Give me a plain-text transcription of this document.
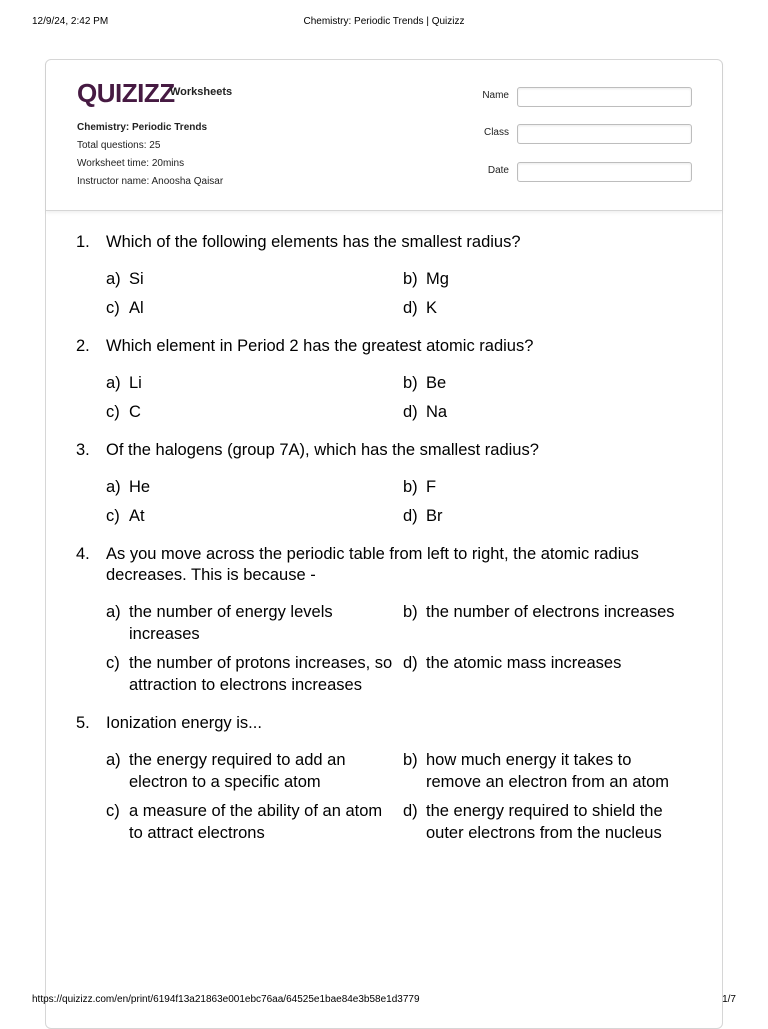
12/9/24, 2:42 PM	Chemistry: Periodic Trends | Quizizz
QUIZIZZ
Worksheets
Chemistry: Periodic Trends
Total questions: 25
Worksheet time: 20mins
Instructor name: Anoosha Qaisar
Name
Class
Date
1. Which of the following elements has the smallest radius?
a) Si	b) Mg
c) Al	d) K
2. Which element in Period 2 has the greatest atomic radius?
a) Li	b) Be
c) C	d) Na
3. Of the halogens (group 7A), which has the smallest radius?
a) He	b) F
c) At	d) Br
4. As you move across the periodic table from left to right, the atomic radius decreases. This is because -
a) the number of energy levels increases
b) the number of electrons increases
c) the number of protons increases, so attraction to electrons increases
d) the atomic mass increases
5. Ionization energy is...
a) the energy required to add an electron to a specific atom
b) how much energy it takes to remove an electron from an atom
c) a measure of the ability of an atom to attract electrons
d) the energy required to shield the outer electrons from the nucleus
https://quizizz.com/en/print/6194f13a21863e001ebc76aa/64525e1bae84e3b58e1d3779	1/7
